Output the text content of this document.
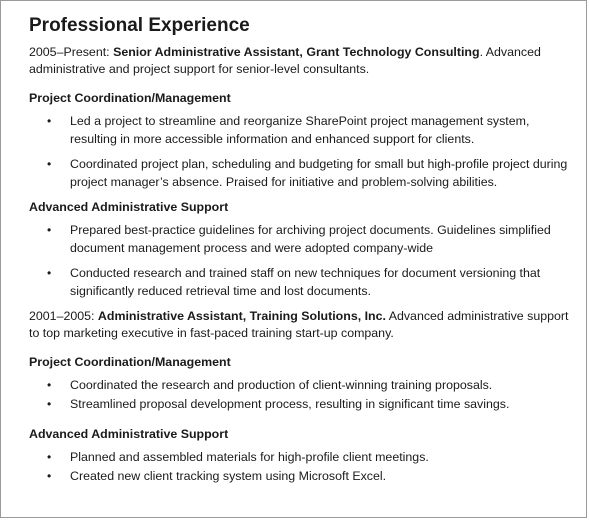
Professional Experience
2005–Present: Senior Administrative Assistant, Grant Technology Consulting. Advanced administrative and project support for senior-level consultants.
Project Coordination/Management
• Led a project to streamline and reorganize SharePoint project management system, resulting in more accessible information and enhanced support for clients.
• Coordinated project plan, scheduling and budgeting for small but high-profile project during project manager’s absence. Praised for initiative and problem-solving abilities.
Advanced Administrative Support
• Prepared best-practice guidelines for archiving project documents. Guidelines simplified document management process and were adopted company-wide
• Conducted research and trained staff on new techniques for document versioning that significantly reduced retrieval time and lost documents.
2001–2005: Administrative Assistant, Training Solutions, Inc. Advanced administrative support to top marketing executive in fast-paced training start-up company.
Project Coordination/Management
• Coordinated the research and production of client-winning training proposals.
• Streamlined proposal development process, resulting in significant time savings.
Advanced Administrative Support
• Planned and assembled materials for high-profile client meetings.
• Created new client tracking system using Microsoft Excel.
